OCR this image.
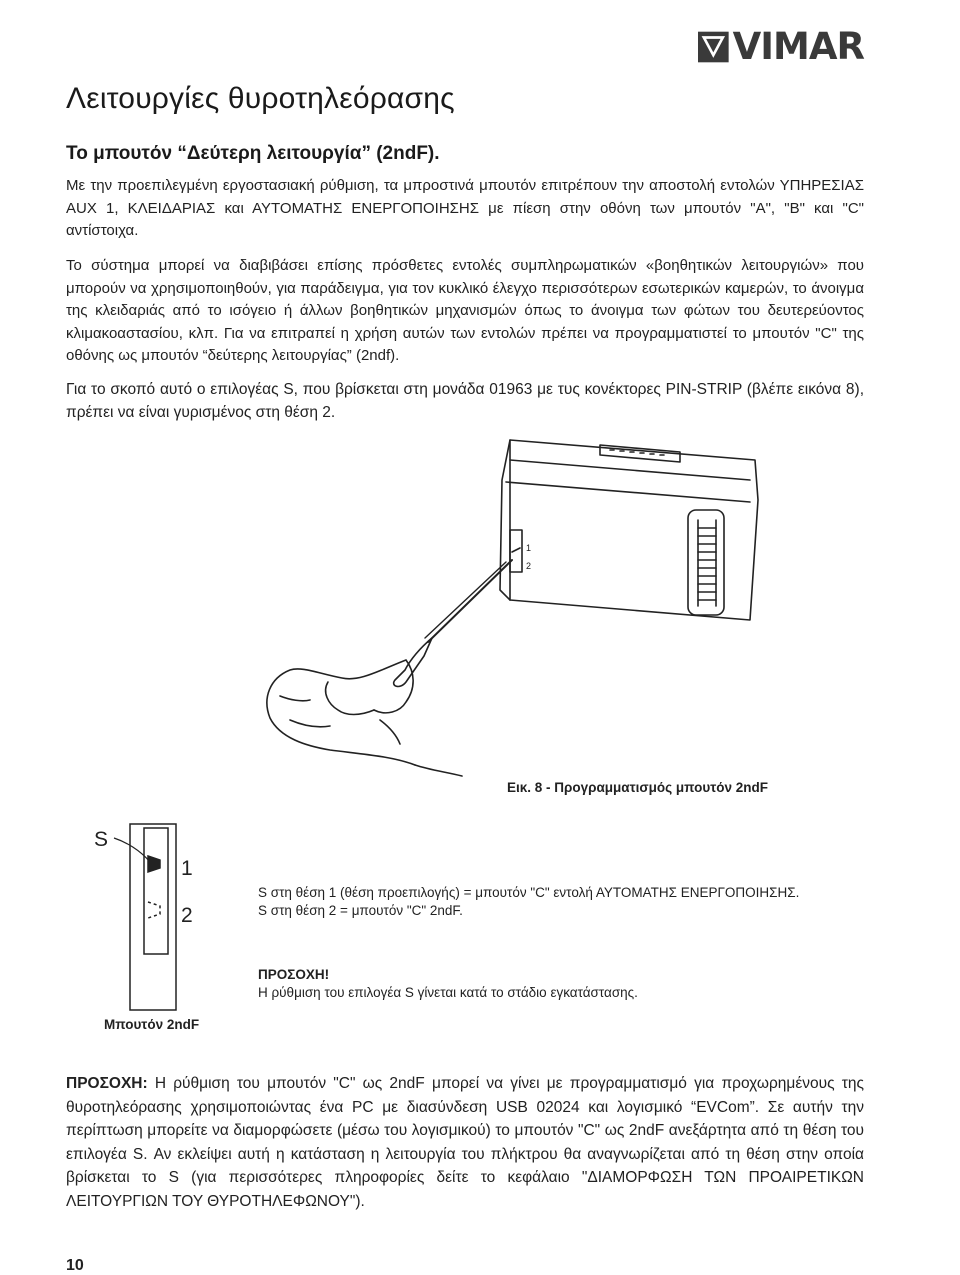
VIMAR
Λειτουργίες θυροτηλεόρασης
Το μπουτόν “Δεύτερη λειτουργία” (2ndF).
Με την προεπιλεγμένη εργοστασιακή ρύθμιση, τα μπροστινά μπουτόν επιτρέπουν την αποστολή εντολών ΥΠΗΡΕΣΙΑΣ AUX 1, ΚΛΕΙΔΑΡΙΑΣ και ΑΥΤΟΜΑΤΗΣ ΕΝΕΡΓΟΠΟΙΗΣΗΣ με πίεση στην οθόνη των μπουτόν "A", "B" και "C" αντίστοιχα.
Το σύστημα μπορεί να διαβιβάσει επίσης πρόσθετες εντολές συμπληρωματικών «βοηθητικών λειτουργιών» που μπορούν να χρησιμοποιηθούν, για παράδειγμα, για τον κυκλικό έλεγχο περισσότερων εσωτερικών καμερών, το άνοιγμα της κλειδαριάς από το ισόγειο ή άλλων βοηθητικών μηχανισμών όπως το άνοιγμα των φώτων του δευτερεύοντος κλιμακοαστασίου, κλπ. Για να επιτραπεί η χρήση αυτών των εντολών πρέπει να προγραμματιστεί το μπουτόν "C" της οθόνης ως μπουτόν “δεύτερης λειτουργίας” (2ndf).
Για το σκοπό αυτό ο επιλογέας S, που βρίσκεται στη μονάδα 01963 με τυς κονέκτορες PIN-STRIP (βλέπε εικόνα 8), πρέπει να είναι γυρισμένος στη θέση 2.
1
2
Εικ. 8 - Προγραμματισμός μπουτόν 2ndF
S
1
2
Μπουτόν 2ndF
S στη θέση 1 (θέση προεπιλογής) = μπουτόν "C" εντολή ΑΥΤΟΜΑΤΗΣ ΕΝΕΡΓΟΠΟΙΗΣΗΣ.
S στη θέση 2 = μπουτόν "C" 2ndF.
ΠΡΟΣΟΧΗ!
Η ρύθμιση του επιλογέα S γίνεται κατά το στάδιο εγκατάστασης.
ΠΡΟΣΟΧΗ: Η ρύθμιση του μπουτόν "C" ως 2ndF μπορεί να γίνει με προγραμματισμό για προχωρημένους της θυροτηλεόρασης χρησιμοποιώντας ένα PC με διασύνδεση USB 02024 και λογισμικό “EVCom”. Σε αυτήν την περίπτωση μπορείτε να διαμορφώσετε (μέσω του λογισμικού) το μπουτόν "C" ως 2ndF ανεξάρτητα από τη θέση του επιλογέα S. Αν εκλείψει αυτή η κατάσταση η λειτουργία του πλήκτρου θα αναγνωρίζεται από τη θέση στην οποία βρίσκεται το S (για περισσότερες πληροφορίες δείτε το κεφάλαιο "ΔΙΑΜΟΡΦΩΣΗ ΤΩΝ ΠΡΟΑΙΡΕΤΙΚΩΝ ΛΕΙΤΟΥΡΓΙΩΝ ΤΟΥ ΘΥΡΟΤΗΛΕΦΩΝΟΥ").
10
